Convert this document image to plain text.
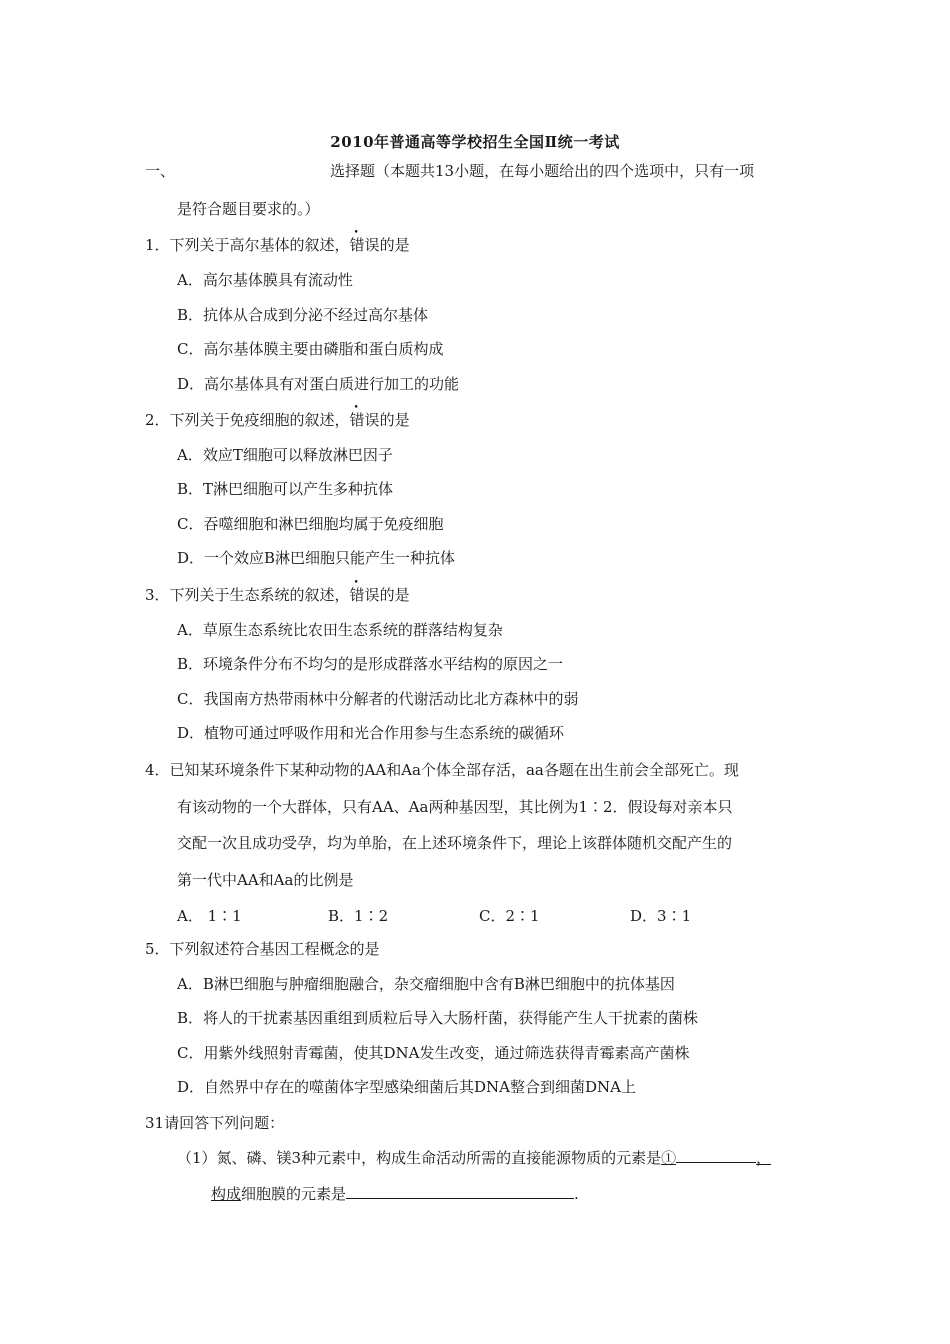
2010年普通高等学校招生全国Ⅱ统一考试
一、	选择题（本题共13小题，在每小题给出的四个选项中，只有一项
是符合题目要求的。）
1．下列关于高尔基体的叙述，错误的是
A．高尔基体膜具有流动性
B．抗体从合成到分泌不经过高尔基体
C．高尔基体膜主要由磷脂和蛋白质构成
D．高尔基体具有对蛋白质进行加工的功能
2．下列关于免疫细胞的叙述，错误的是
A．效应T细胞可以释放淋巴因子
B．T淋巴细胞可以产生多种抗体
C．吞噬细胞和淋巴细胞均属于免疫细胞
D．一个效应B淋巴细胞只能产生一种抗体
3．下列关于生态系统的叙述，错误的是
A．草原生态系统比农田生态系统的群落结构复杂
B．环境条件分布不均匀的是形成群落水平结构的原因之一
C．我国南方热带雨林中分解者的代谢活动比北方森林中的弱
D．植物可通过呼吸作用和光合作用参与生态系统的碳循环
4．已知某环境条件下某种动物的AA和Aa个体全部存活，aa各题在出生前会全部死亡。现
有该动物的一个大群体，只有AA、Aa两种基因型，其比例为1∶2．假设每对亲本只
交配一次且成功受孕，均为单胎，在上述环境条件下，理论上该群体随机交配产生的
第一代中AA和Aa的比例是
A． 1∶1	B．1∶2	C．2∶1	D．3∶1
5．下列叙述符合基因工程概念的是
A．B淋巴细胞与肿瘤细胞融合，杂交瘤细胞中含有B淋巴细胞中的抗体基因
B．将人的干扰素基因重组到质粒后导入大肠杆菌，获得能产生人干扰素的菌株
C．用紫外线照射青霉菌，使其DNA发生改变，通过筛选获得青霉素高产菌株
D．自然界中存在的噬菌体字型感染细菌后其DNA整合到细菌DNA上
31请回答下列问题：
（1）氮、磷、镁3种元素中，构成生命活动所需的直接能源物质的元素是①	，
构成细胞膜的元素是	.
